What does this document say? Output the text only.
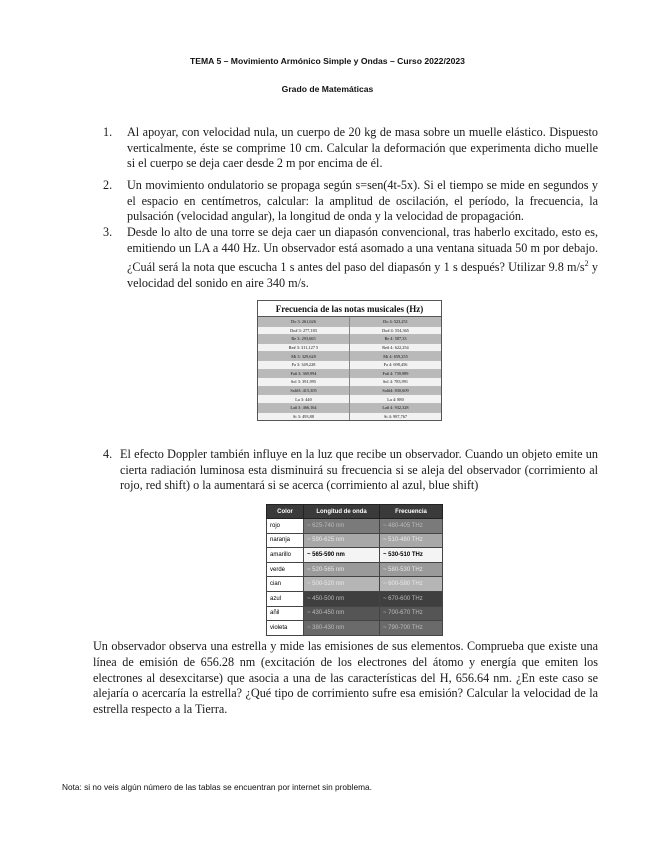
TEMA 5 – Movimiento Armónico Simple y Ondas – Curso 2022/2023
Grado de Matemáticas
1. Al apoyar, con velocidad nula, un cuerpo de 20 kg de masa sobre un muelle elástico. Dispuesto verticalmente, éste se comprime 10 cm. Calcular la deformación que experimenta dicho muelle si el cuerpo se deja caer desde 2 m por encima de él.
2. Un movimiento ondulatorio se propaga según s=sen(4t-5x). Si el tiempo se mide en segundos y el espacio en centímetros, calcular: la amplitud de oscilación, el período, la frecuencia, la pulsación (velocidad angular), la longitud de onda y la velocidad de propagación.
3. Desde lo alto de una torre se deja caer un diapasón convencional, tras haberlo excitado, esto es, emitiendo un LA a 440 Hz. Un observador está asomado a una ventana situada 50 m por debajo. ¿Cuál será la nota que escucha 1 s antes del paso del diapasón y 1 s después? Utilizar 9.8 $m/s^2$ y velocidad del sonido en aire 340 m/s.
Frecuencia de las notas musicales (Hz)
Do 3: 261,626	Do 4: 523,251
Do# 3: 277,183	Do# 4: 554,365
Re 3: 293,665	Re 4: 587,33
Re# 3: 311,127 5	Re# 4: 622,254
Mi 3: 329,628	Mi 4: 659,255
Fa 3: 349,228	Fa 4: 698,456
Fa# 3: 369,994	Fa# 4: 739,989
Sol 3: 391,995	Sol 4: 783,991
Sol#3: 415,305	Sol#4: 830,609
La 3: 440	La 4: 880
La# 3: 466,164	La# 4: 932,328
Si 3: 493,88	Si 4: 987,767
4. El efecto Doppler también influye en la luz que recibe un observador. Cuando un objeto emite un cierta radiación luminosa esta disminuirá su frecuencia si se aleja del observador (corrimiento al rojo, red shift) o la aumentará si se acerca (corrimiento al azul, blue shift)
Color	Longitud de onda	Frecuencia
rojo	~ 625-740 nm	~ 480-405 THz
naranja	~ 590-625 nm	~ 510-480 THz
amarillo	~ 565-590 nm	~ 530-510 THz
verde	~ 520-565 nm	~ 580-530 THz
cian	~ 500-520 nm	~ 600-580 THz
azul	~ 450-500 nm	~ 670-600 THz
añil	~ 430-450 nm	~ 700-670 THz
violeta	~ 380-430 nm	~ 790-700 THz
Un observador observa una estrella y mide las emisiones de sus elementos. Comprueba que existe una línea de emisión de 656.28 nm (excitación de los electrones del átomo y energía que emiten los electrones al desexcitarse) que asocia a una de las características del H, 656.64 nm. ¿En este caso se alejaría o acercaría la estrella? ¿Qué tipo de corrimiento sufre esa emisión? Calcular la velocidad de la estrella respecto a la Tierra.
Nota: si no veis algún número de las tablas se encuentran por internet sin problema.
